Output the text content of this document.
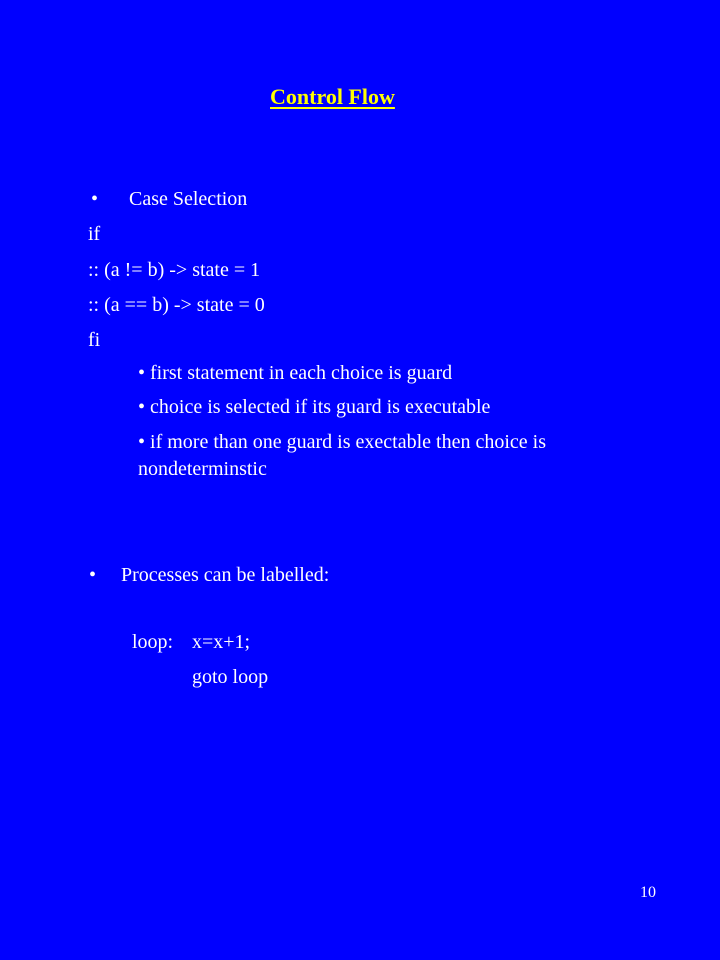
Control Flow
• Case Selection
if
:: (a != b) -> state = 1
:: (a == b) -> state = 0
fi
• first statement in each choice is guard
• choice is selected if its guard is executable
• if more than one guard is exectable then choice is
nondeterminstic
• Processes can be labelled:
loop: x=x+1;
goto loop
10
